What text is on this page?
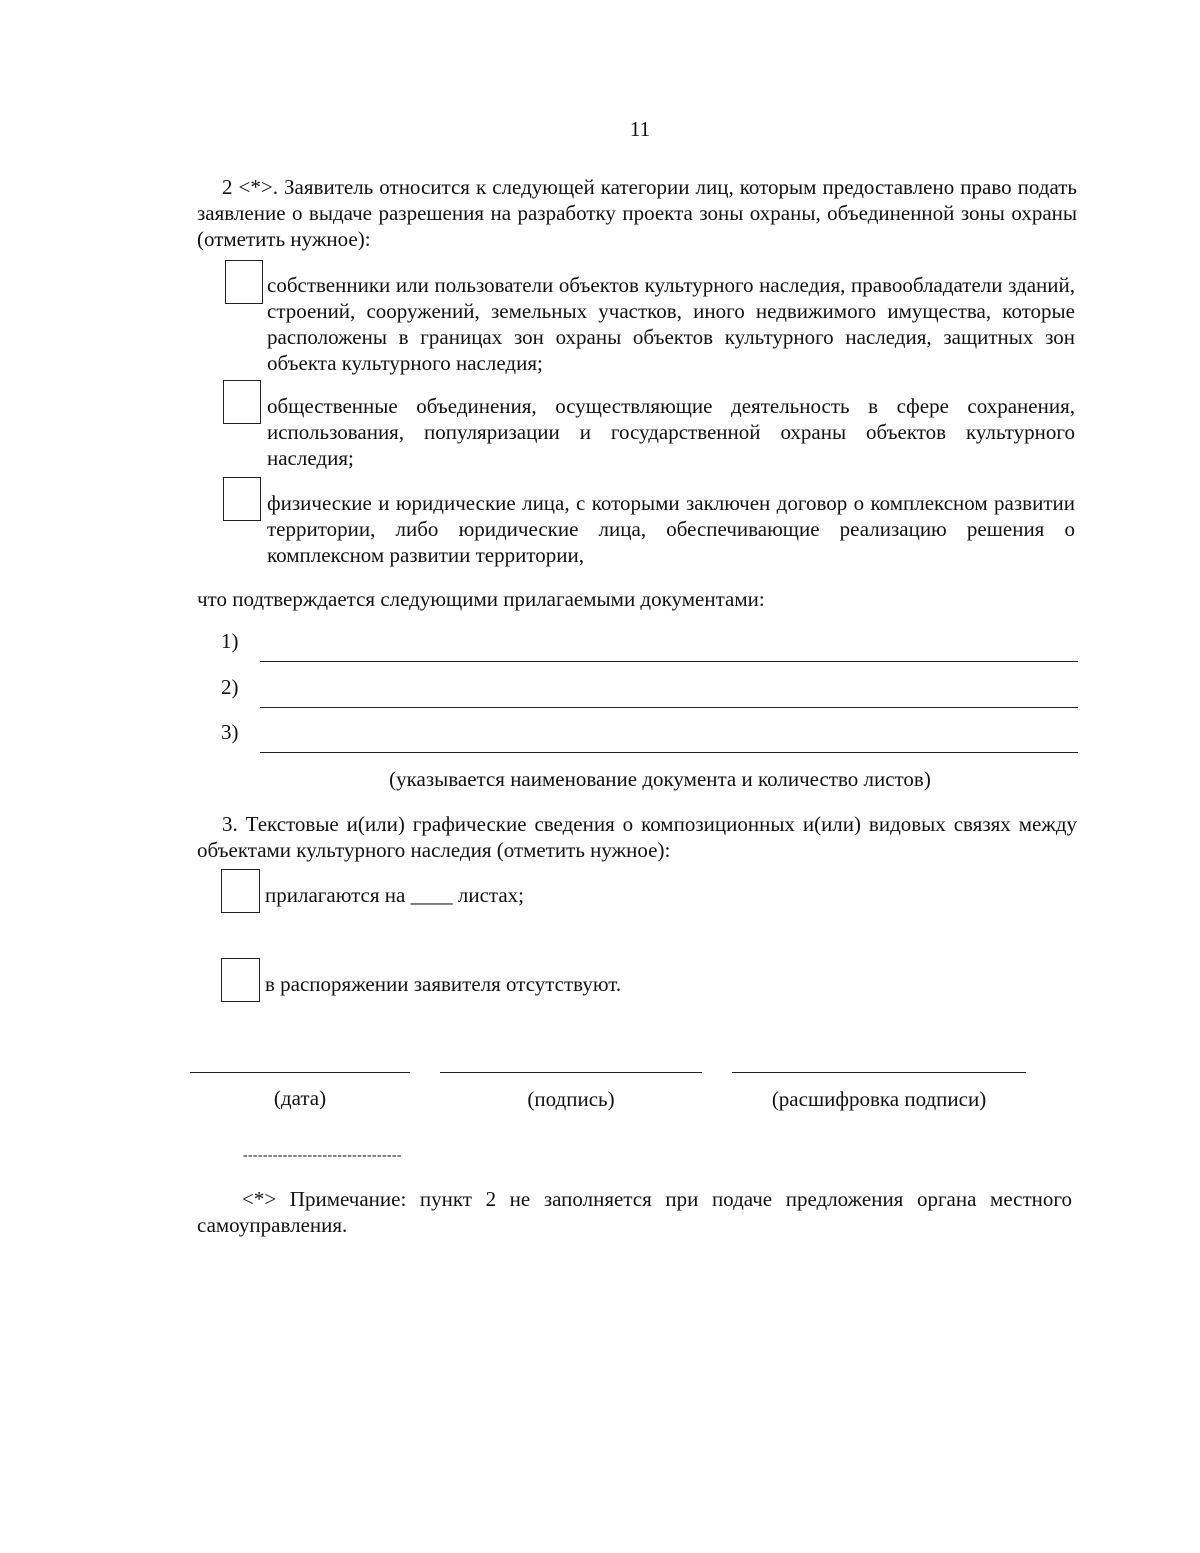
11
2 <*>. Заявитель относится к следующей категории лиц, которым предоставлено право подать заявление о выдаче разрешения на разработку проекта зоны охраны, объединенной зоны охраны (отметить нужное):
собственники или пользователи объектов культурного наследия, правообладатели зданий, строений, сооружений, земельных участков, иного недвижимого имущества, которые расположены в границах зон охраны объектов культурного наследия, защитных зон объекта культурного наследия;
общественные объединения, осуществляющие деятельность в сфере сохранения, использования, популяризации и государственной охраны объектов культурного наследия;
физические и юридические лица, с которыми заключен договор о комплексном развитии территории, либо юридические лица, обеспечивающие реализацию решения о комплексном развитии территории,
что подтверждается следующими прилагаемыми документами:
1)
2)
3)
(указывается наименование документа и количество листов)
3. Текстовые и(или) графические сведения о композиционных и(или) видовых связях между объектами культурного наследия (отметить нужное):
прилагаются на ____ листах;
в распоряжении заявителя отсутствуют.
(дата)	(подпись)	(расшифровка подписи)
--------------------------------
<*> Примечание: пункт 2 не заполняется при подаче предложения органа местного самоуправления.
